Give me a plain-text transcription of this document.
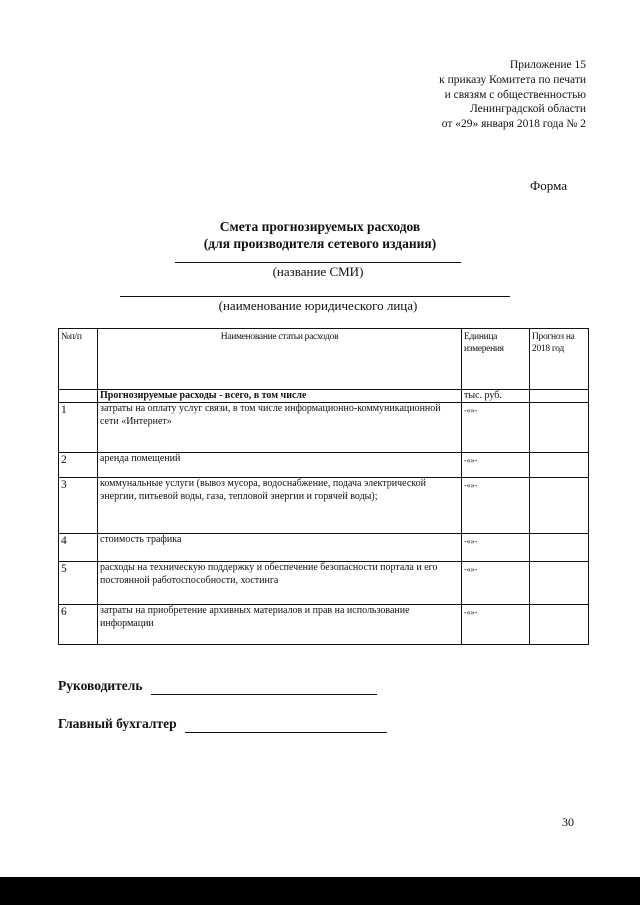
Приложение 15
к приказу Комитета по печати
и связям с общественностью
Ленинградской области
от «29» января 2018 года № 2
Форма
Смета прогнозируемых расходов
(для производителя сетевого издания)
(название СМИ)
(наименование юридического лица)
№п/п	Наименование статьи расходов	Единица измерения	Прогноз на 2018 год
	Прогнозируемые расходы - всего, в том числе	тыс. руб.	
1	затраты на оплату услуг связи, в том числе информационно-коммуникационной сети «Интернет»	-«»-	
2	аренда помещений	-«»-	
3	коммунальные услуги (вывоз мусора, водоснабжение, подача электрической энергии, питьевой воды, газа, тепловой энергии и горячей воды);	-«»-	
4	стоимость трафика	-«»-	
5	расходы на техническую поддержку и обеспечение безопасности портала и его постоянной работоспособности, хостинга	-«»-	
6	затраты на приобретение архивных материалов и прав на использование информации	-«»-	
Руководитель
Главный бухгалтер
30
